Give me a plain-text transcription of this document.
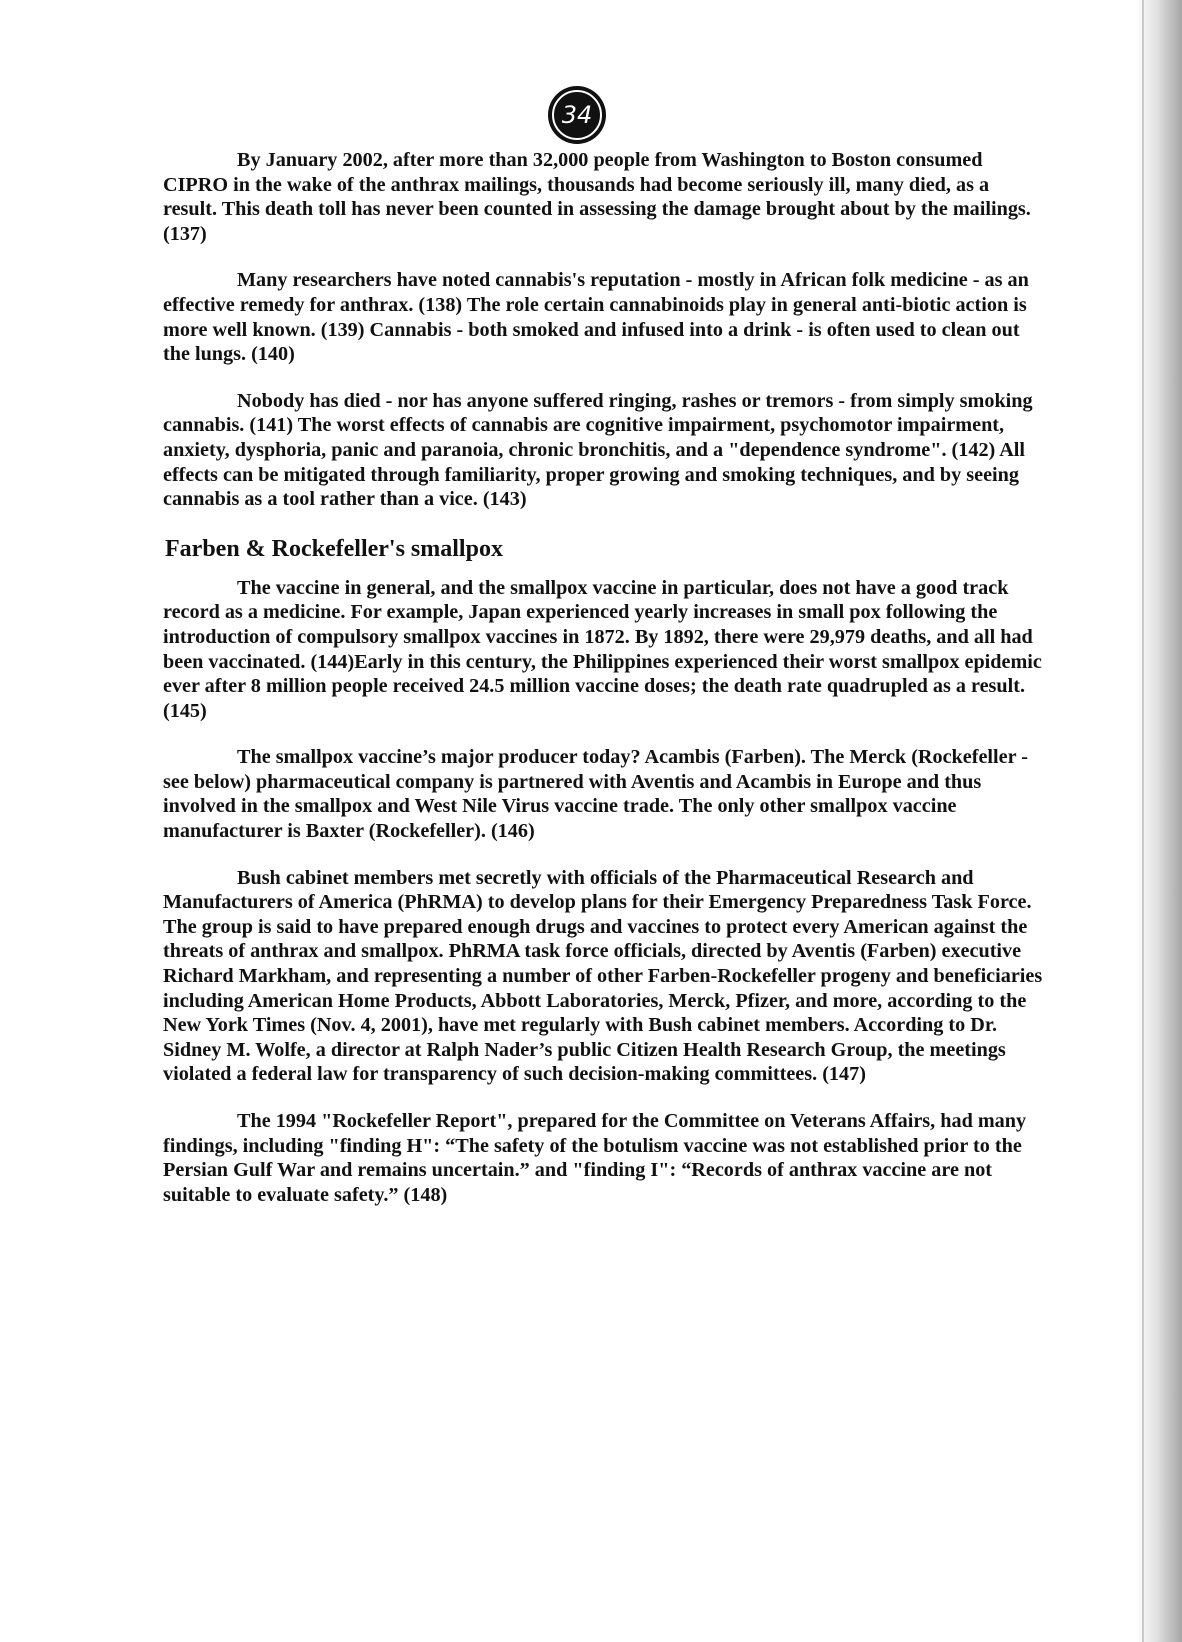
34

By January 2002, after more than 32,000 people from Washington to Boston consumed CIPRO in the wake of the anthrax mailings, thousands had become seriously ill, many died, as a result. This death toll has never been counted in assessing the damage brought about by the mailings. (137)

Many researchers have noted cannabis's reputation - mostly in African folk medicine - as an effective remedy for anthrax. (138) The role certain cannabinoids play in general anti-biotic action is more well known. (139) Cannabis - both smoked and infused into a drink - is often used to clean out the lungs. (140)

Nobody has died - nor has anyone suffered ringing, rashes or tremors - from simply smoking cannabis. (141) The worst effects of cannabis are cognitive impairment, psychomotor impairment, anxiety, dysphoria, panic and paranoia, chronic bronchitis, and a "dependence syndrome". (142) All effects can be mitigated through familiarity, proper growing and smoking techniques, and by seeing cannabis as a tool rather than a vice. (143)

Farben & Rockefeller's smallpox

The vaccine in general, and the smallpox vaccine in particular, does not have a good track record as a medicine. For example, Japan experienced yearly increases in small pox following the introduction of compulsory smallpox vaccines in 1872. By 1892, there were 29,979 deaths, and all had been vaccinated. (144)Early in this century, the Philippines experienced their worst smallpox epidemic ever after 8 million people received 24.5 million vaccine doses; the death rate quadrupled as a result. (145)

The smallpox vaccine’s major producer today? Acambis (Farben). The Merck (Rockefeller - see below) pharmaceutical company is partnered with Aventis and Acambis in Europe and thus involved in the smallpox and West Nile Virus vaccine trade. The only other smallpox vaccine manufacturer is Baxter (Rockefeller). (146)

Bush cabinet members met secretly with officials of the Pharmaceutical Research and Manufacturers of America (PhRMA) to develop plans for their Emergency Preparedness Task Force. The group is said to have prepared enough drugs and vaccines to protect every American against the threats of anthrax and smallpox. PhRMA task force officials, directed by Aventis (Farben) executive Richard Markham, and representing a number of other Farben-Rockefeller progeny and beneficiaries including American Home Products, Abbott Laboratories, Merck, Pfizer, and more, according to the New York Times (Nov. 4, 2001), have met regularly with Bush cabinet members. According to Dr. Sidney M. Wolfe, a director at Ralph Nader’s public Citizen Health Research Group, the meetings violated a federal law for transparency of such decision-making committees. (147)

The 1994 "Rockefeller Report", prepared for the Committee on Veterans Affairs, had many findings, including "finding H": “The safety of the botulism vaccine was not established prior to the Persian Gulf War and remains uncertain.” and "finding I": “Records of anthrax vaccine are not suitable to evaluate safety.” (148)
